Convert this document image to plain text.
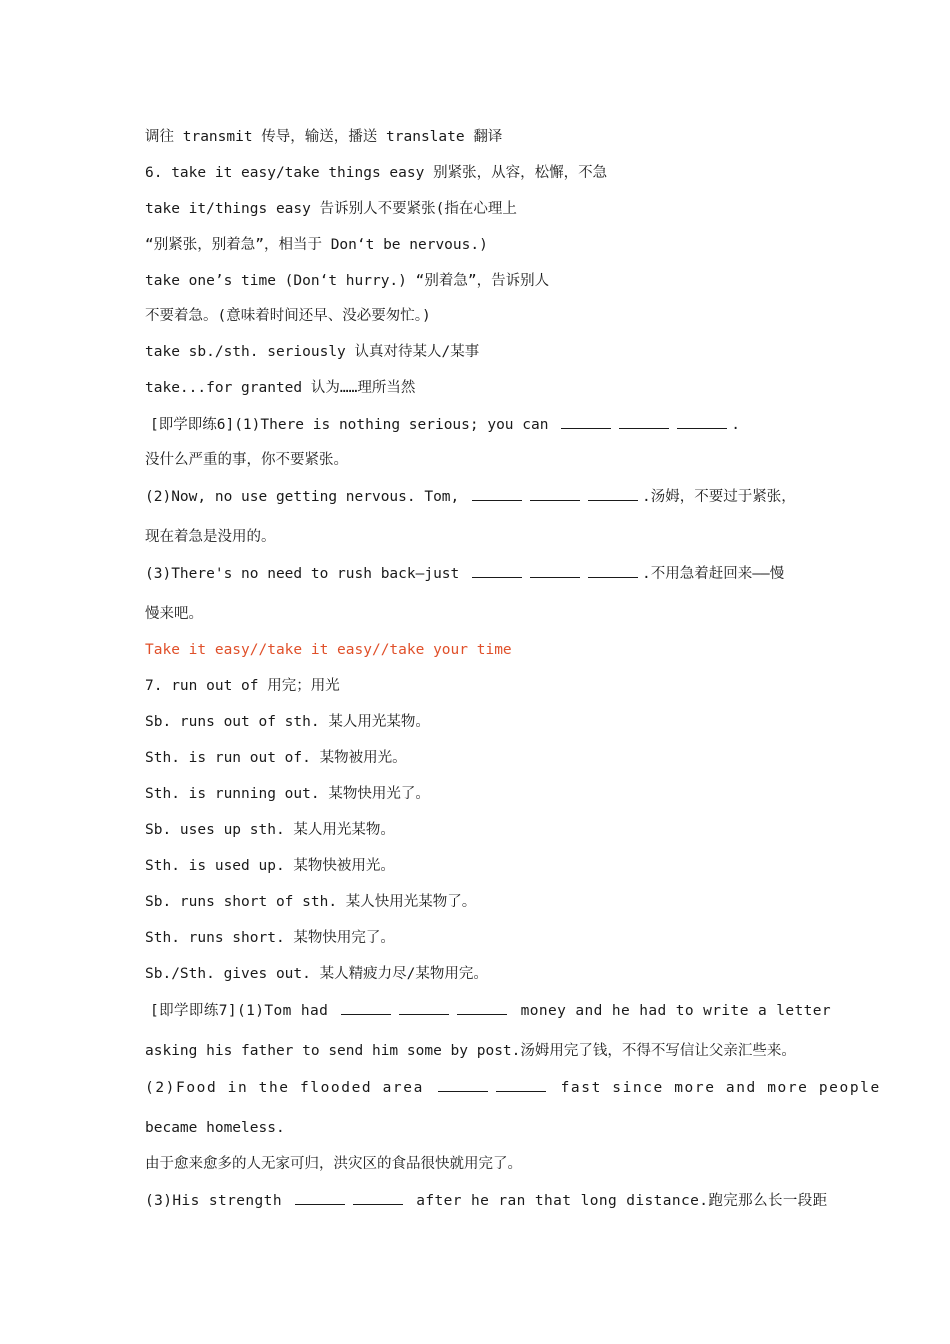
调往 transmit 传导，输送，播送 translate 翻译
6. take it easy/take things easy 别紧张，从容，松懈，不急
take it/things easy 告诉别人不要紧张(指在心理上
“别紧张，别着急”，相当于 Don‘t be nervous.)
take one’s time (Don‘t hurry.) “别着急”，告诉别人
不要着急。(意味着时间还早、没必要匆忙。)
take sb./sth. seriously 认真对待某人/某事
take...for granted 认为……理所当然
[即学即练6](1)There is nothing serious; you can	.
没什么严重的事，你不要紧张。
(2)Now, no use getting nervous. Tom,	.汤姆，不要过于紧张，
现在着急是没用的。
(3)There's no need to rush back—just	.不用急着赶回来——慢
慢来吧。
Take it easy//take it easy//take your time
7. run out of 用完；用光
Sb. runs out of sth. 某人用光某物。
Sth. is run out of. 某物被用光。
Sth. is running out. 某物快用光了。
Sb. uses up sth. 某人用光某物。
Sth. is used up. 某物快被用光。
Sb. runs short of sth. 某人快用光某物了。
Sth. runs short. 某物快用完了。
Sb./Sth. gives out. 某人精疲力尽/某物用完。
[即学即练7](1)Tom had	money and he had to write a letter
asking his father to send him some by post.汤姆用完了钱，不得不写信让父亲汇些来。
(2)Food in the flooded area	fast since more and more people
became homeless.
由于愈来愈多的人无家可归，洪灾区的食品很快就用完了。
(3)His strength	after he ran that long distance.跑完那么长一段距
